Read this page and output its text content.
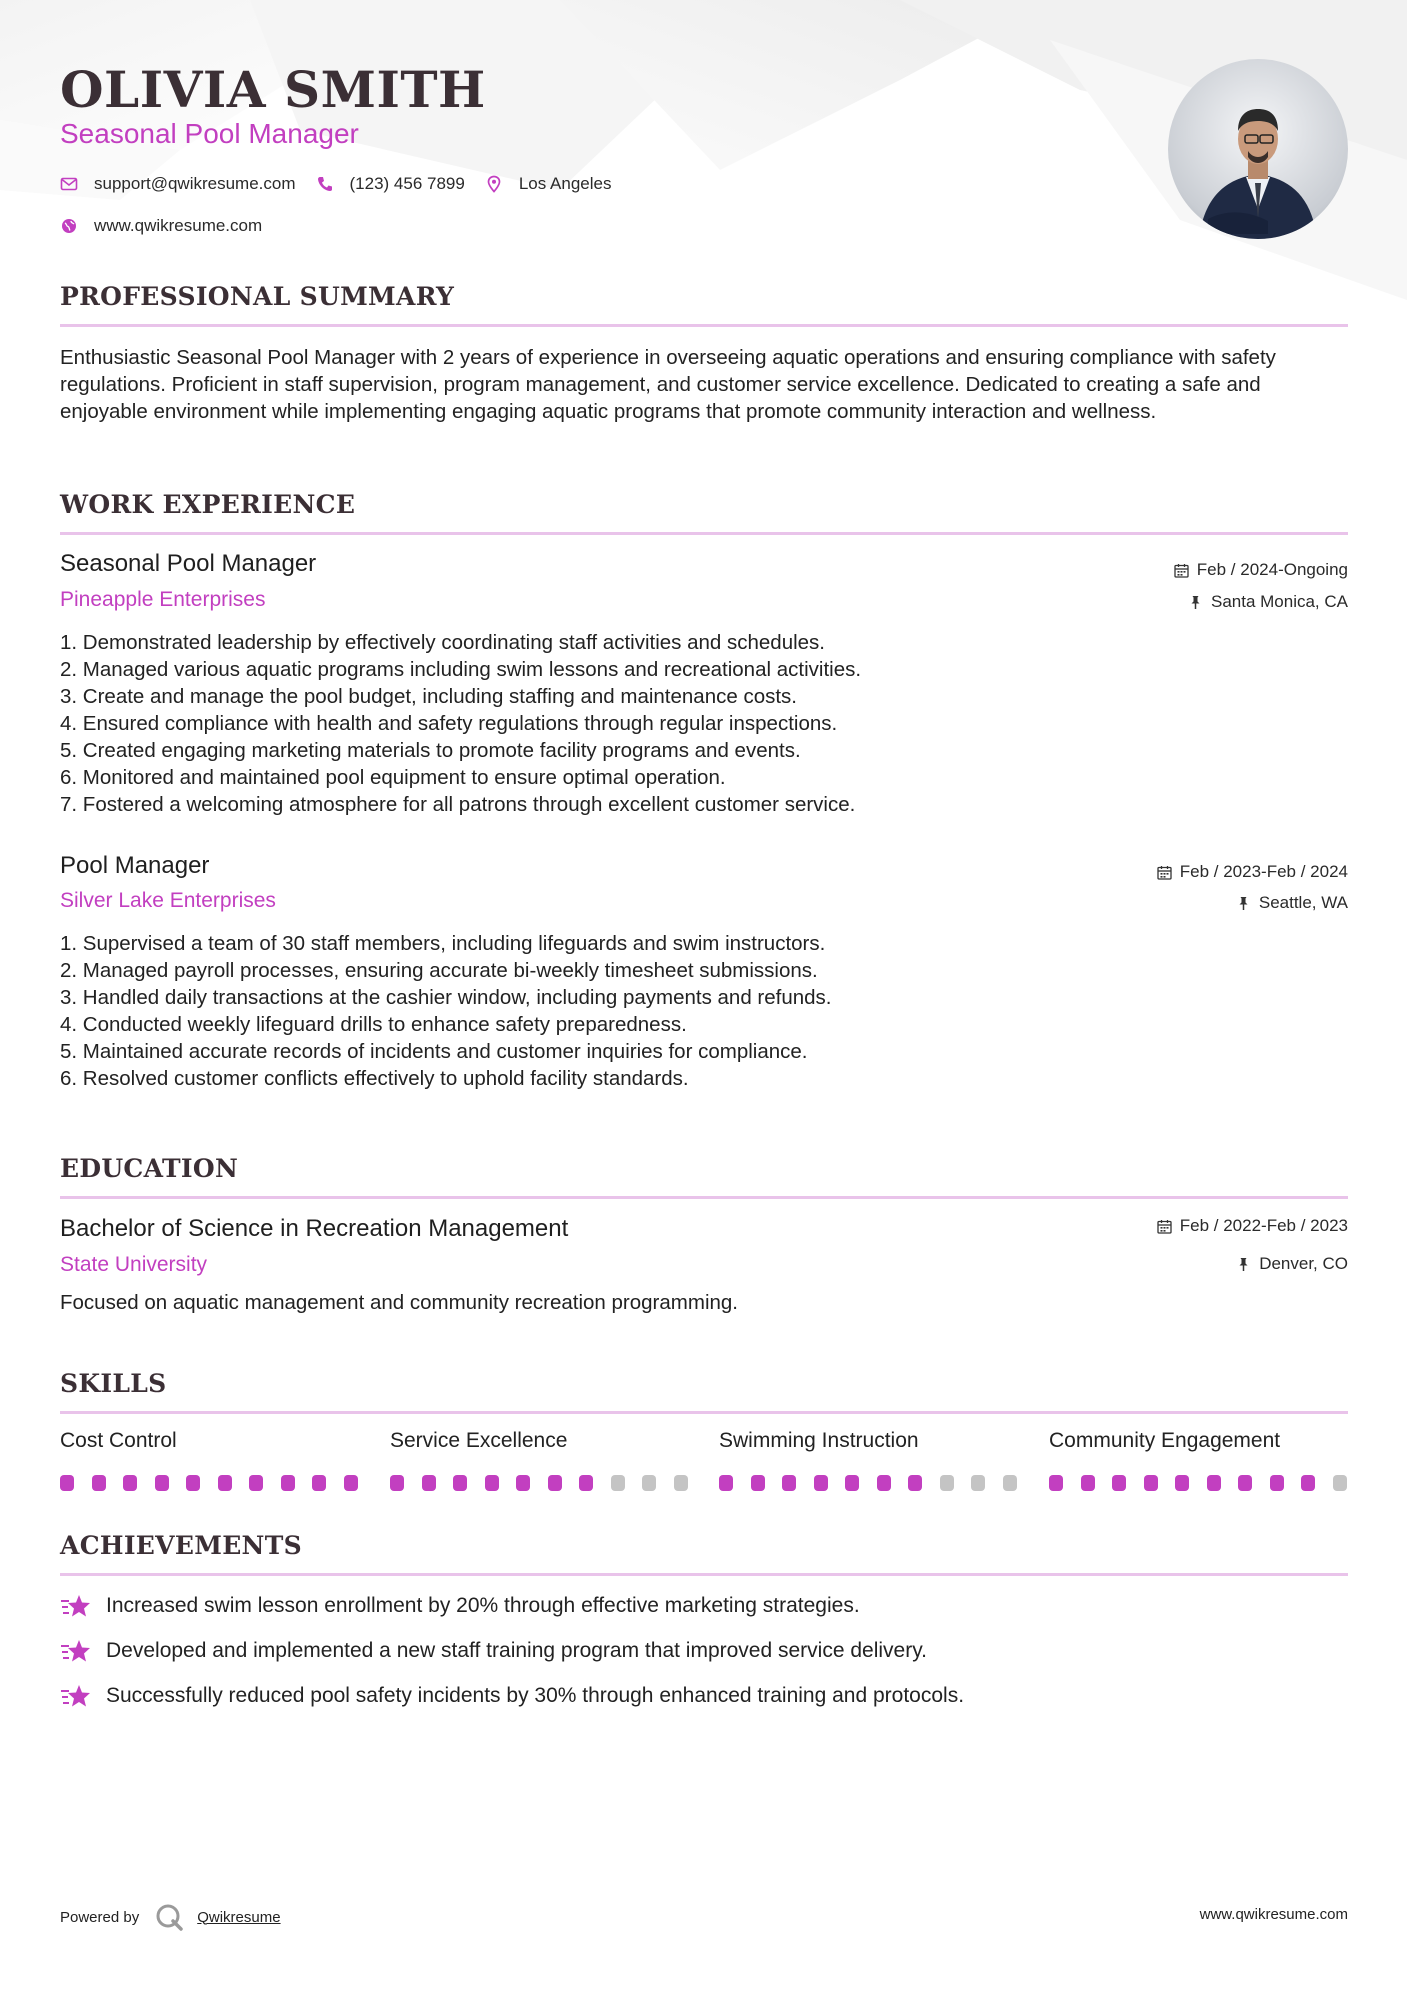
OLIVIA SMITH
Seasonal Pool Manager
support@qwikresume.com	(123) 456 7899	Los Angeles
www.qwikresume.com
PROFESSIONAL SUMMARY
Enthusiastic Seasonal Pool Manager with 2 years of experience in overseeing aquatic operations and ensuring compliance with safety regulations. Proficient in staff supervision, program management, and customer service excellence. Dedicated to creating a safe and enjoyable environment while implementing engaging aquatic programs that promote community interaction and wellness.
WORK EXPERIENCE
Seasonal Pool Manager
Pineapple Enterprises
Feb / 2024-Ongoing
Santa Monica, CA
1. Demonstrated leadership by effectively coordinating staff activities and schedules.
2. Managed various aquatic programs including swim lessons and recreational activities.
3. Create and manage the pool budget, including staffing and maintenance costs.
4. Ensured compliance with health and safety regulations through regular inspections.
5. Created engaging marketing materials to promote facility programs and events.
6. Monitored and maintained pool equipment to ensure optimal operation.
7. Fostered a welcoming atmosphere for all patrons through excellent customer service.
Pool Manager
Silver Lake Enterprises
Feb / 2023-Feb / 2024
Seattle, WA
1. Supervised a team of 30 staff members, including lifeguards and swim instructors.
2. Managed payroll processes, ensuring accurate bi-weekly timesheet submissions.
3. Handled daily transactions at the cashier window, including payments and refunds.
4. Conducted weekly lifeguard drills to enhance safety preparedness.
5. Maintained accurate records of incidents and customer inquiries for compliance.
6. Resolved customer conflicts effectively to uphold facility standards.
EDUCATION
Bachelor of Science in Recreation Management
State University
Feb / 2022-Feb / 2023
Denver, CO
Focused on aquatic management and community recreation programming.
SKILLS
Cost Control	Service Excellence	Swimming Instruction	Community Engagement
ACHIEVEMENTS
Increased swim lesson enrollment by 20% through effective marketing strategies.
Developed and implemented a new staff training program that improved service delivery.
Successfully reduced pool safety incidents by 30% through enhanced training and protocols.
Powered by	Qwikresume	www.qwikresume.com
